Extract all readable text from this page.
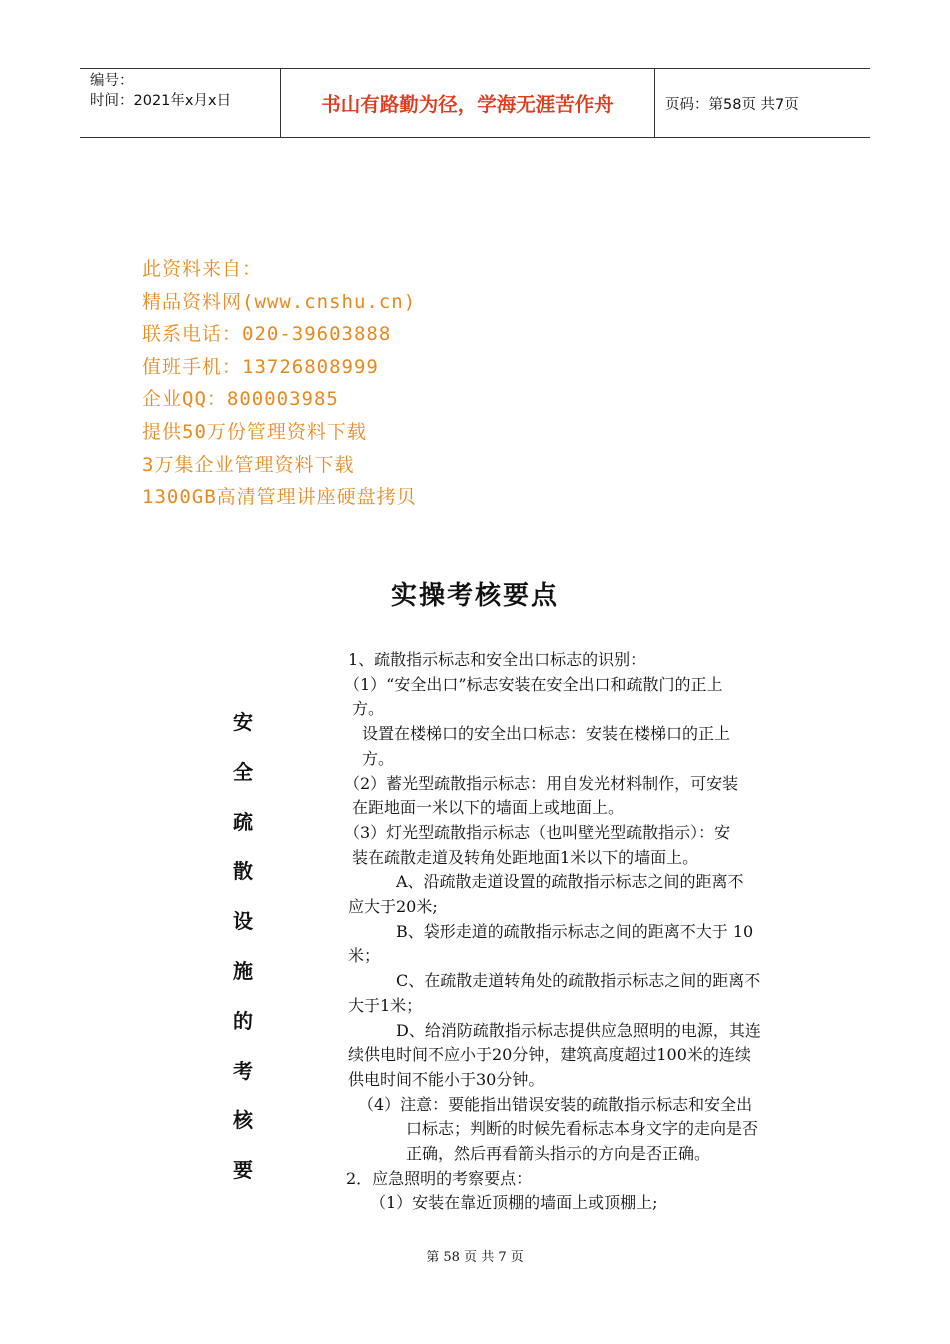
编号：
时间：2021年x月x日	书山有路勤为径，学海无涯苦作舟	页码：第58页 共7页
此资料来自：
精品资料网(www.cnshu.cn)
联系电话：020-39603888
值班手机：13726808999
企业QQ：800003985
提供50万份管理资料下载
3万集企业管理资料下载
1300GB高清管理讲座硬盘拷贝
实操考核要点
安
全
疏
散
设
施
的
考
核
要
1、疏散指示标志和安全出口标志的识别：
（1）“安全出口”标志安装在安全出口和疏散门的正上
方。
设置在楼梯口的安全出口标志：安装在楼梯口的正上
方。
（2）蓄光型疏散指示标志：用自发光材料制作，可安装
在距地面一米以下的墙面上或地面上。
（3）灯光型疏散指示标志（也叫壁光型疏散指示）：安
装在疏散走道及转角处距地面1米以下的墙面上。
A、沿疏散走道设置的疏散指示标志之间的距离不
应大于20米;
B、袋形走道的疏散指示标志之间的距离不大于 10
米；
C、在疏散走道转角处的疏散指示标志之间的距离不
大于1米；
D、给消防疏散指示标志提供应急照明的电源，其连
续供电时间不应小于20分钟，建筑高度超过100米的连续
供电时间不能小于30分钟。
（4）注意：要能指出错误安装的疏散指示标志和安全出
口标志；判断的时候先看标志本身文字的走向是否
正确，然后再看箭头指示的方向是否正确。
2．应急照明的考察要点：
（1）安装在靠近顶棚的墙面上或顶棚上;
第 58 页 共 7 页
